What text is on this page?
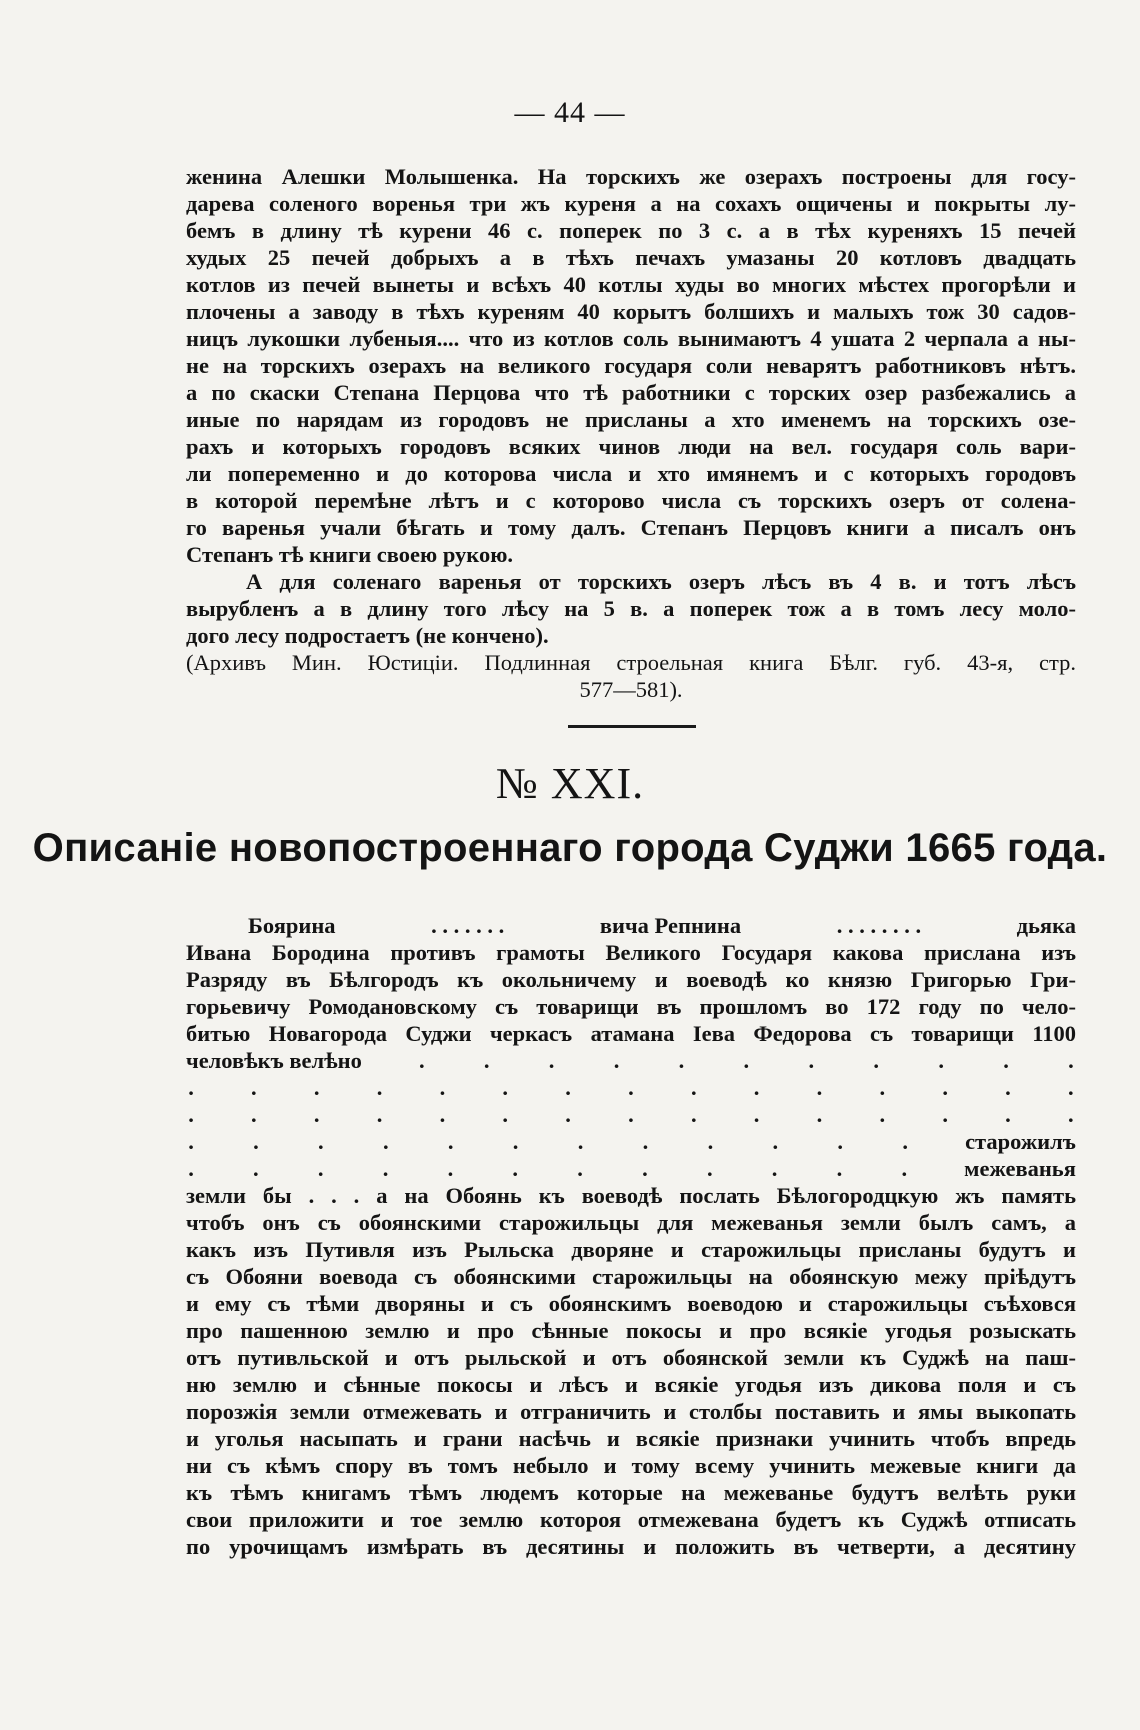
— 44 —
женина Алешки Молышенка. На торскихъ же озерахъ построены для госу-
дарева соленого воренья три жъ куреня а на сохахъ ощичены и покрыты лу-
бемъ в длину тѣ курени 46 с. поперек по 3 с. а в тѣх куреняхъ 15 печей
худых 25 печей добрыхъ а в тѣхъ печахъ умазаны 20 котловъ двадцать
котлов из печей вынеты и всѣхъ 40 котлы худы во многих мѣстех прогорѣли и
плочены а заводу в тѣхъ куреням 40 корытъ болшихъ и малыхъ тож 30 садов-
ницъ лукошки лубеныя.... что из котлов соль вынимаютъ 4 ушата 2 черпала а ны-
не на торскихъ озерахъ на великого государя соли неварятъ работниковъ нѣтъ.
а по скаски Степана Перцова что тѣ работники с торских озер разбежались а
иные по нарядам из городовъ не присланы а хто именемъ на торскихъ озе-
рахъ и которыхъ городовъ всяких чинов люди на вел. государя соль вари-
ли попеременно и до которова числа и хто имянемъ и с которыхъ городовъ
в которой перемѣне лѣтъ и с которово числа съ торскихъ озеръ от солена-
го варенья учали бѣгать и тому далъ. Степанъ Перцовъ книги а писалъ онъ
Степанъ тѣ книги своею рукою.
А для соленаго варенья от торскихъ озеръ лѣсъ въ 4 в. и тотъ лѣсъ
вырубленъ а в длину того лѣсу на 5 в. а поперек тож а в томъ лесу моло-
дого лесу подростаетъ (не кончено).
(Архивъ Мин. Юстиціи. Подлинная строельная книга Бѣлг. губ. 43-я, стр.
577—581).
№ XXI.
Описаніе новопостроеннаго города Суджи 1665 года.
Боярина	. . . . . . .	вича Репнина	. . . . . . . .	дьяка
Ивана Бородина противъ грамоты Великого Государя какова прислана изъ
Разряду въ Бѣлгородъ къ окольничему и воеводѣ ко князю Григорью Гри-
горьевичу Ромодановскому съ товарищи въ прошломъ во 172 году по чело-
битью Новагорода Суджи черкасъ атамана Іева Федорова съ товарищи 1100
человѣкъ велѣно	.	.	.	.	.	.	.	.	.	.	.
.	.	.	.	.	.	.	.	.	.	.	.	.	.	.
.	.	.	.	.	.	.	.	.	.	.	.	.	.	.
.	.	.	.	.	.	.	.	.	.	.	.	старожилъ
.	.	.	.	.	.	.	.	.	.	.	.	межеванья
земли бы . . . а на Обоянь къ воеводѣ послать Бѣлогородцкую жъ память
чтобъ онъ съ обоянскими старожильцы для межеванья земли былъ самъ, а
какъ изъ Путивля изъ Рыльска дворяне и старожильцы присланы будутъ и
съ Обояни воевода съ обоянскими старожильцы на обоянскую межу прiѣдутъ
и ему съ тѣми дворяны и съ обоянскимъ воеводою и старожильцы съѣховся
про пашенною землю и про сѣнные покосы и про всякіе угодья розыскать
отъ путивльской и отъ рыльской и отъ обоянской земли къ Суджѣ на паш-
ню землю и сѣнные покосы и лѣсъ и всякіе угодья изъ дикова поля и съ
порозжія земли отмежевать и отграничить и столбы поставить и ямы выкопать
и уголья насыпать и грани насѣчь и всякіе признаки учинить чтобъ впредь
ни съ кѣмъ спору въ томъ небыло и тому всему учинить межевые книги да
къ тѣмъ книгамъ тѣмъ людемъ которые на межеванье будутъ велѣть руки
свои приложити и тое землю котороя отмежевана будетъ къ Суджѣ отписать
по урочищамъ измѣрать въ десятины и положить въ четверти, а десятину
